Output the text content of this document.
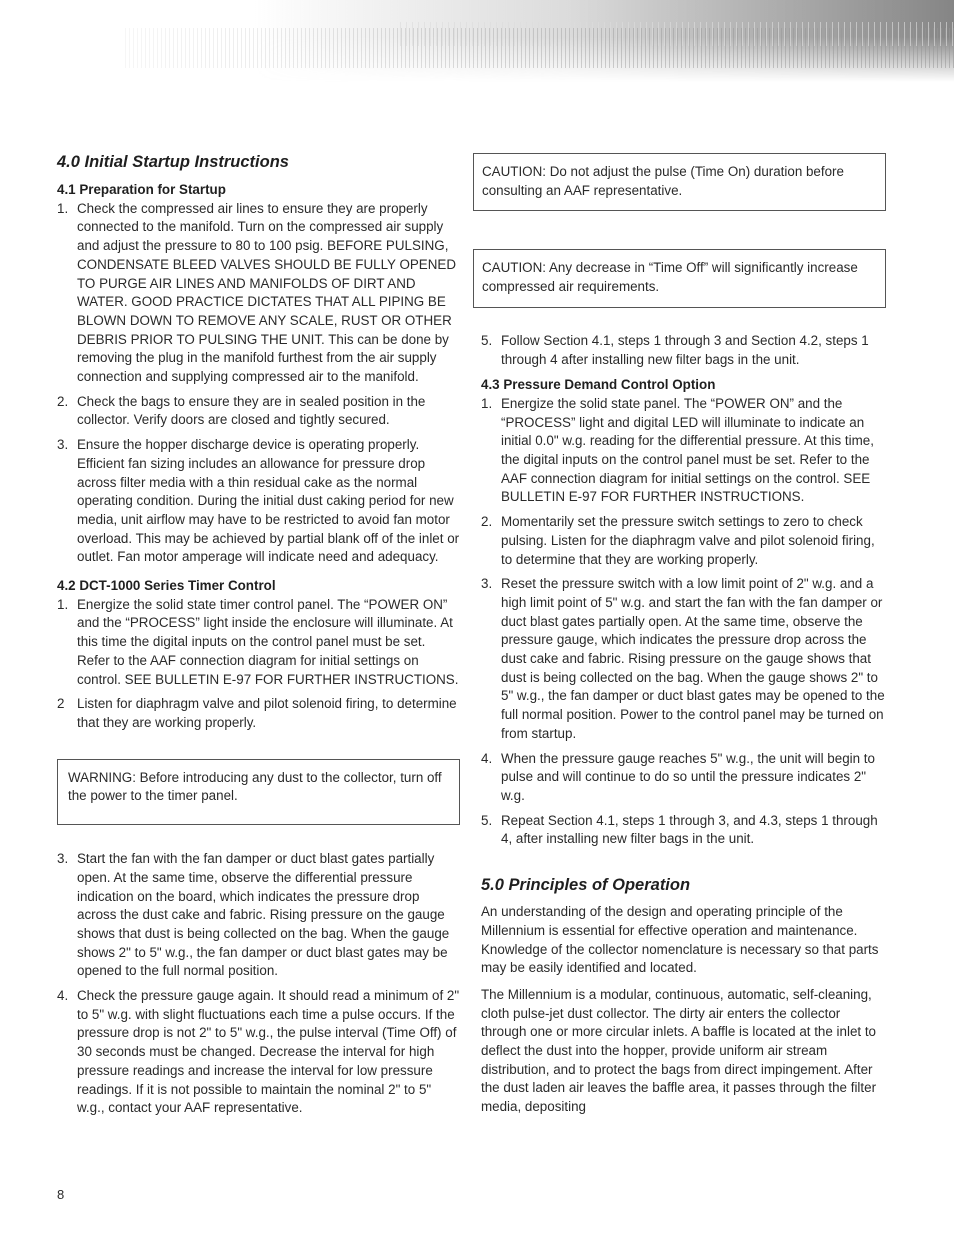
4.0 Initial Startup Instructions
4.1 Preparation for Startup
1. Check the compressed air lines to ensure they are properly connected to the manifold. Turn on the compressed air supply and adjust the pressure to 80 to 100 psig. BEFORE PULSING, CONDENSATE BLEED VALVES SHOULD BE FULLY OPENED TO PURGE AIR LINES AND MANIFOLDS OF DIRT AND WATER. GOOD PRACTICE DICTATES THAT ALL PIPING BE BLOWN DOWN TO REMOVE ANY SCALE, RUST OR OTHER DEBRIS PRIOR TO PULSING THE UNIT. This can be done by removing the plug in the manifold furthest from the air supply connection and supplying compressed air to the manifold.
2. Check the bags to ensure they are in sealed position in the collector. Verify doors are closed and tightly secured.
3. Ensure the hopper discharge device is operating properly. Efficient fan sizing includes an allowance for pressure drop across filter media with a thin residual cake as the normal operating condition. During the initial dust caking period for new media, unit airflow may have to be restricted to avoid fan motor overload. This may be achieved by partial blank off of the inlet or outlet. Fan motor amperage will indicate need and adequacy.
4.2 DCT-1000 Series Timer Control
1. Energize the solid state timer control panel. The “POWER ON” and the “PROCESS” light inside the enclosure will illuminate. At this time the digital inputs on the control panel must be set. Refer to the AAF connection diagram for initial settings on control. SEE BULLETIN E-97 FOR FURTHER INSTRUCTIONS.
2 Listen for diaphragm valve and pilot solenoid firing, to determine that they are working properly.
WARNING: Before introducing any dust to the collector, turn off the power to the timer panel.
3. Start the fan with the fan damper or duct blast gates partially open. At the same time, observe the differential pressure indication on the board, which indicates the pressure drop across the dust cake and fabric. Rising pressure on the gauge shows that dust is being collected on the bag. When the gauge shows 2" to 5" w.g., the fan damper or duct blast gates may be opened to the full normal position.
4. Check the pressure gauge again. It should read a minimum of 2" to 5" w.g. with slight fluctuations each time a pulse occurs. If the pressure drop is not 2" to 5" w.g., the pulse interval (Time Off) of 30 seconds must be changed. Decrease the interval for high pressure readings and increase the interval for low pressure readings. If it is not possible to maintain the nominal 2" to 5" w.g., contact your AAF representative.
CAUTION: Do not adjust the pulse (Time On) duration before consulting an AAF representative.
CAUTION: Any decrease in “Time Off” will significantly increase compressed air requirements.
5. Follow Section 4.1, steps 1 through 3 and Section 4.2, steps 1 through 4 after installing new filter bags in the unit.
4.3 Pressure Demand Control Option
1. Energize the solid state panel. The “POWER ON” and the “PROCESS” light and digital LED will illuminate to indicate an initial 0.0" w.g. reading for the differential pressure. At this time, the digital inputs on the control panel must be set. Refer to the AAF connection diagram for initial settings on the control. SEE BULLETIN E-97 FOR FURTHER INSTRUCTIONS.
2. Momentarily set the pressure switch settings to zero to check pulsing. Listen for the diaphragm valve and pilot solenoid firing, to determine that they are working properly.
3. Reset the pressure switch with a low limit point of 2" w.g. and a high limit point of 5" w.g. and start the fan with the fan damper or duct blast gates partially open. At the same time, observe the pressure gauge, which indicates the pressure drop across the dust cake and fabric. Rising pressure on the gauge shows that dust is being collected on the bag. When the gauge shows 2" to 5" w.g., the fan damper or duct blast gates may be opened to the full normal position. Power to the control panel may be turned on from startup.
4. When the pressure gauge reaches 5" w.g., the unit will begin to pulse and will continue to do so until the pressure indicates 2" w.g.
5. Repeat Section 4.1, steps 1 through 3, and 4.3, steps 1 through 4, after installing new filter bags in the unit.
5.0 Principles of Operation

An understanding of the design and operating principle of the Millennium is essential for effective operation and maintenance. Knowledge of the collector nomenclature is necessary so that parts may be easily identified and located.

The Millennium is a modular, continuous, automatic, self-cleaning, cloth pulse-jet dust collector. The dirty air enters the collector through one or more circular inlets. A baffle is located at the inlet to deflect the dust into the hopper, provide uniform air stream distribution, and to protect the bags from direct impingement. After the dust laden air leaves the baffle area, it passes through the filter media, depositing

8
